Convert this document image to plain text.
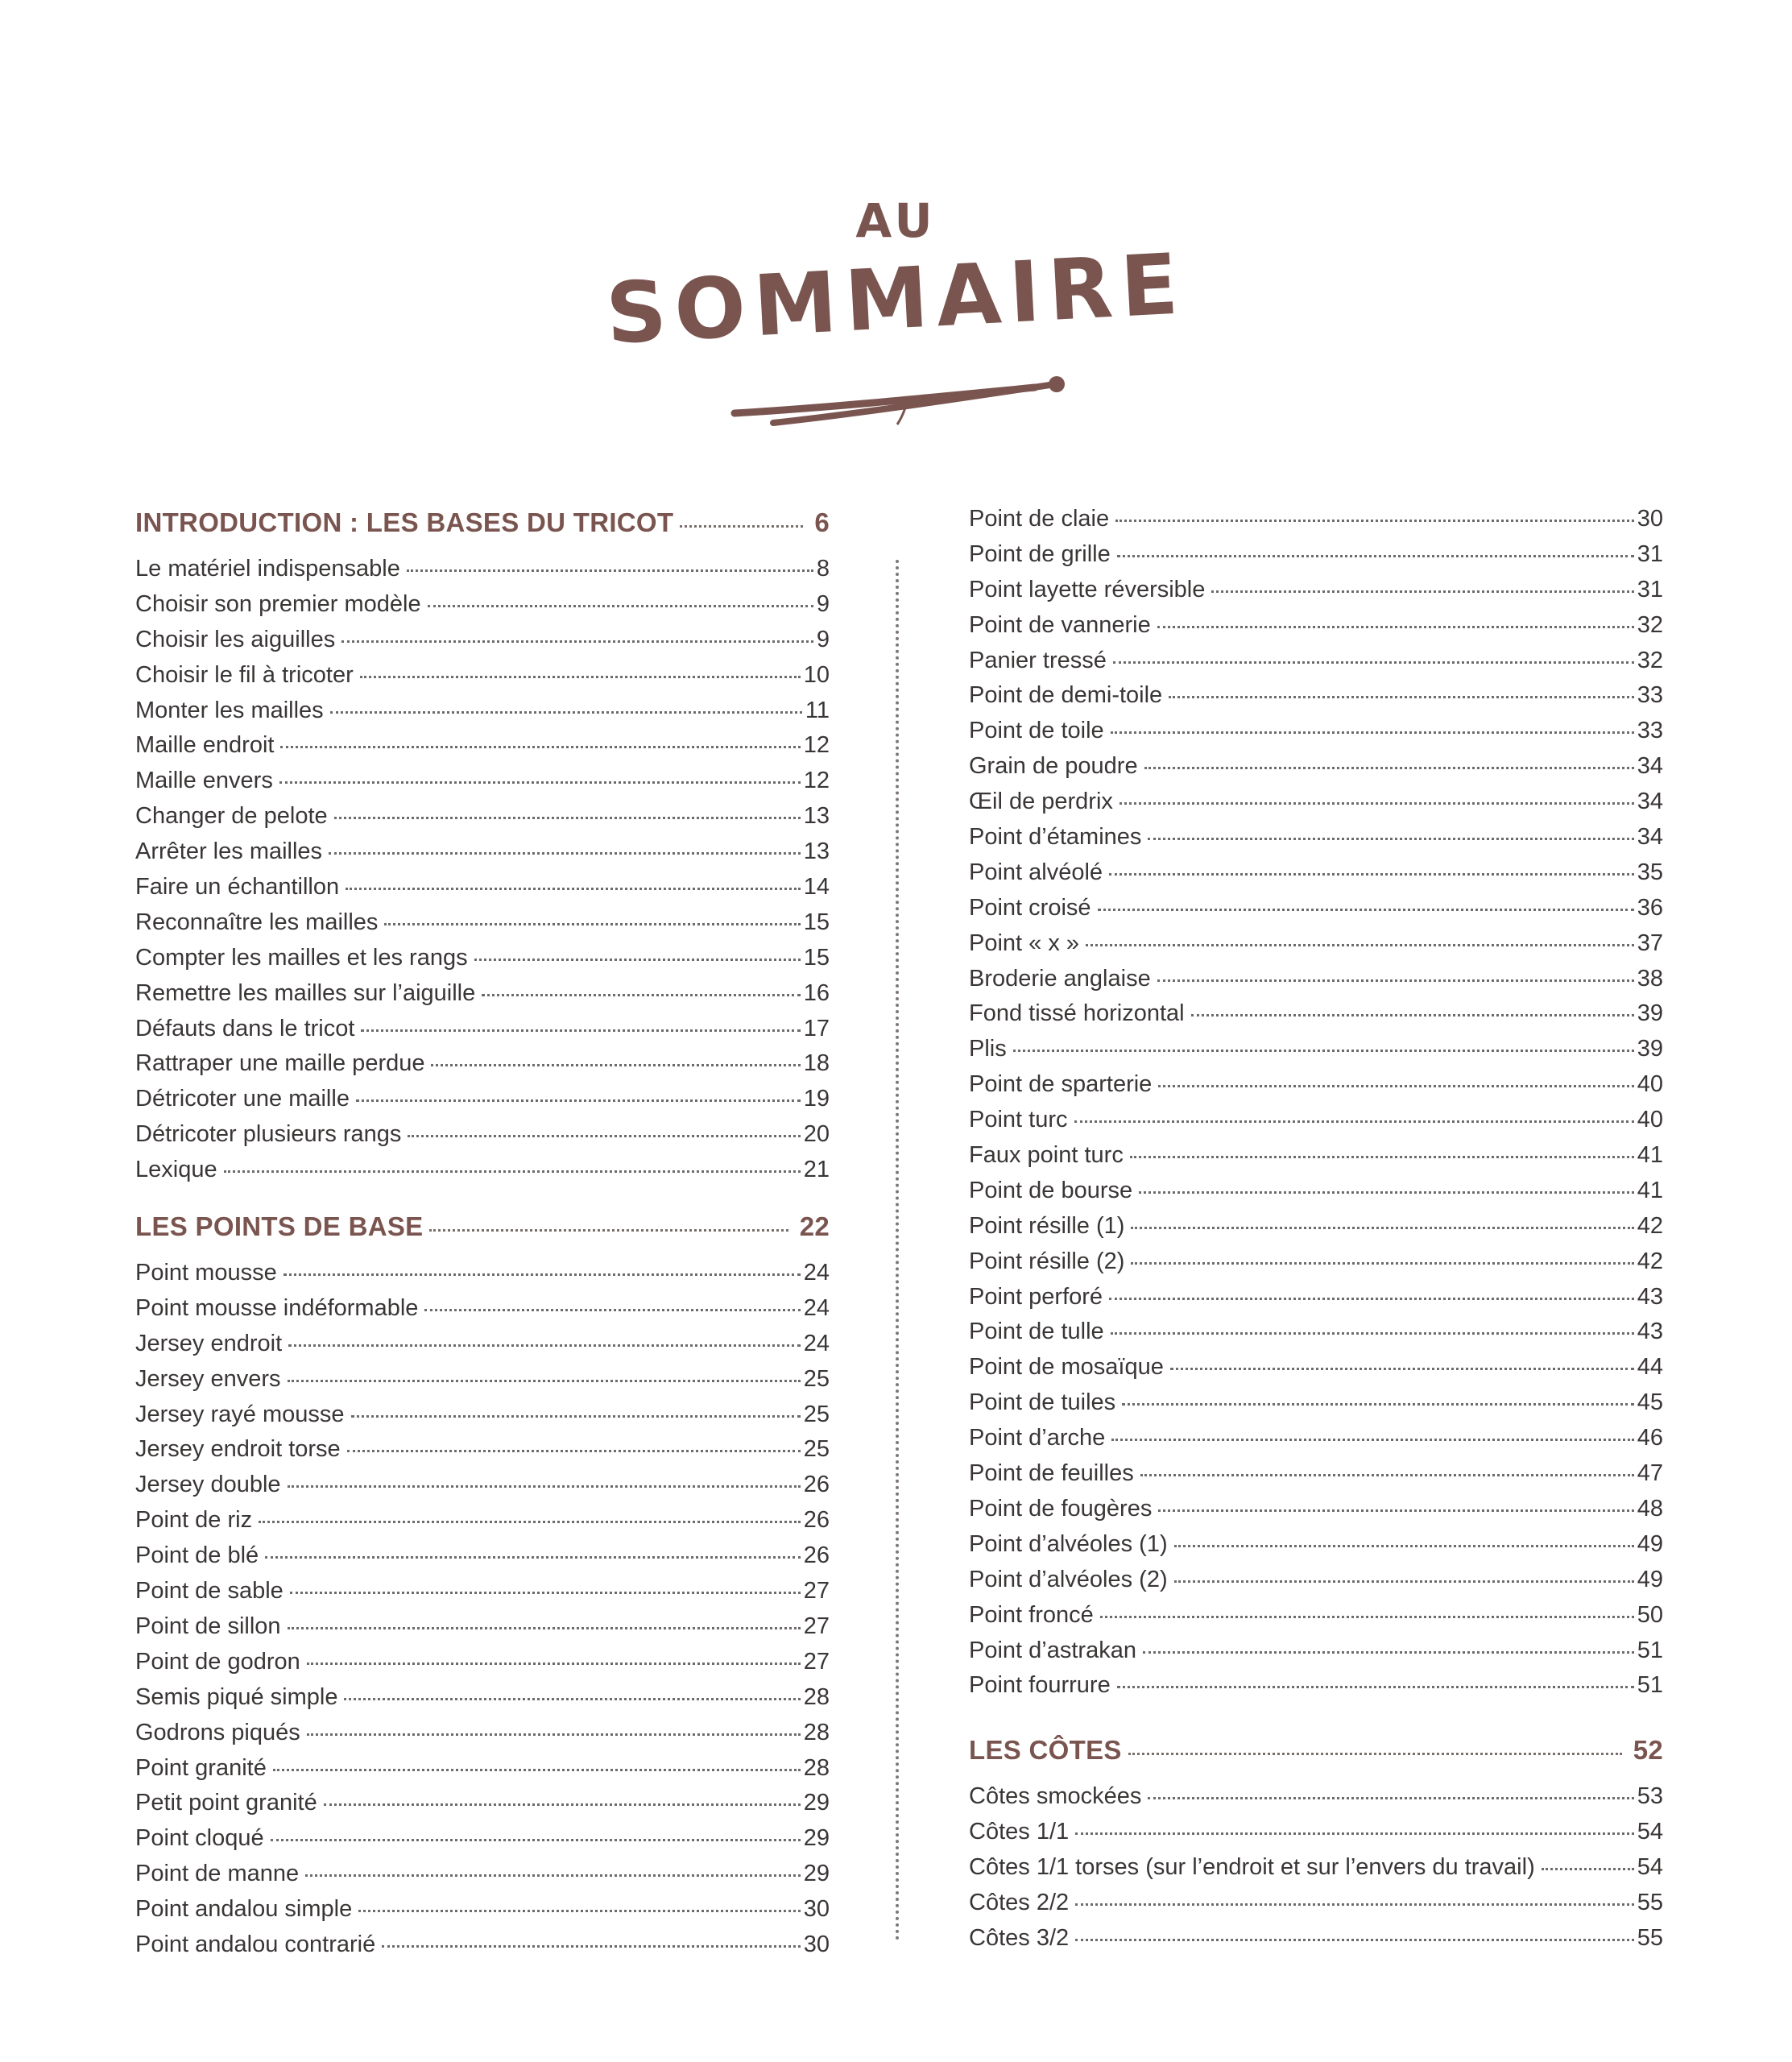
AU
SOMMAIRE
INTRODUCTION : LES BASES DU TRICOT	6
Le matériel indispensable	8
Choisir son premier modèle	9
Choisir les aiguilles	9
Choisir le fil à tricoter	10
Monter les mailles	11
Maille endroit	12
Maille envers	12
Changer de pelote	13
Arrêter les mailles	13
Faire un échantillon	14
Reconnaître les mailles	15
Compter les mailles et les rangs	15
Remettre les mailles sur l’aiguille	16
Défauts dans le tricot	17
Rattraper une maille perdue	18
Détricoter une maille	19
Détricoter plusieurs rangs	20
Lexique	21
LES POINTS DE BASE	22
Point mousse	24
Point mousse indéformable	24
Jersey endroit	24
Jersey envers	25
Jersey rayé mousse	25
Jersey endroit torse	25
Jersey double	26
Point de riz	26
Point de blé	26
Point de sable	27
Point de sillon	27
Point de godron	27
Semis piqué simple	28
Godrons piqués	28
Point granité	28
Petit point granité	29
Point cloqué	29
Point de manne	29
Point andalou simple	30
Point andalou contrarié	30
Point de claie	30
Point de grille	31
Point layette réversible	31
Point de vannerie	32
Panier tressé	32
Point de demi-toile	33
Point de toile	33
Grain de poudre	34
Œil de perdrix	34
Point d’étamines	34
Point alvéolé	35
Point croisé	36
Point « x »	37
Broderie anglaise	38
Fond tissé horizontal	39
Plis	39
Point de sparterie	40
Point turc	40
Faux point turc	41
Point de bourse	41
Point résille (1)	42
Point résille (2)	42
Point perforé	43
Point de tulle	43
Point de mosaïque	44
Point de tuiles	45
Point d’arche	46
Point de feuilles	47
Point de fougères	48
Point d’alvéoles (1)	49
Point d’alvéoles (2)	49
Point froncé	50
Point d’astrakan	51
Point fourrure	51
LES CÔTES	52
Côtes smockées	53
Côtes 1/1	54
Côtes 1/1 torses (sur l’endroit et sur l’envers du travail)	54
Côtes 2/2	55
Côtes 3/2	55
